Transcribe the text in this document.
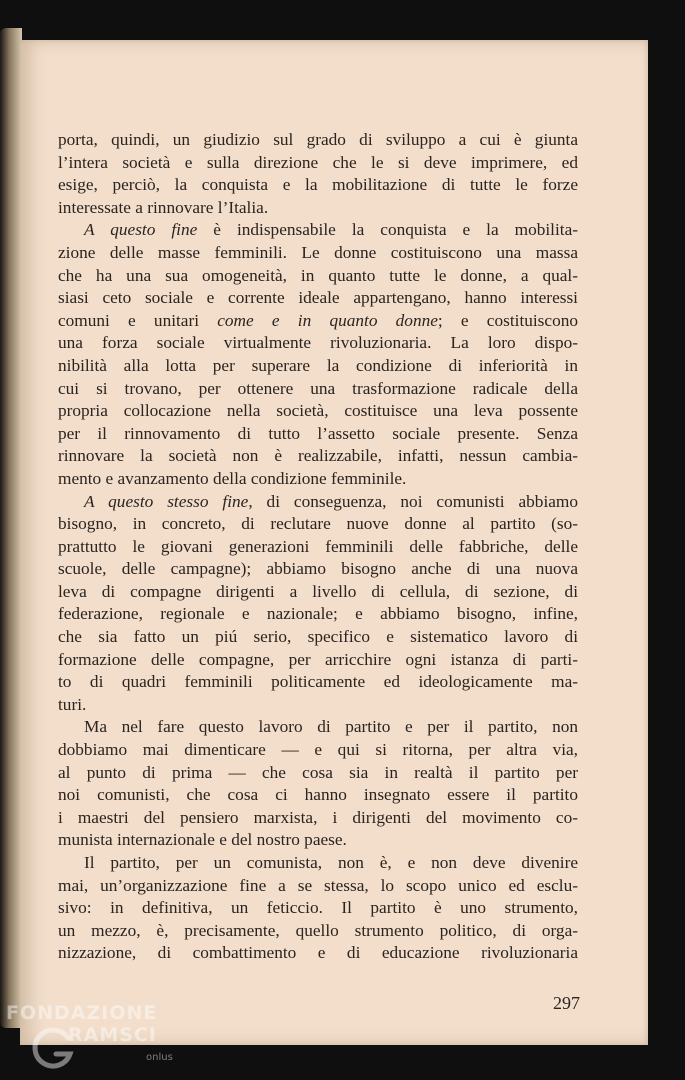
porta, quindi, un giudizio sul grado di sviluppo a cui è giunta
l’intera società e sulla direzione che le si deve imprimere, ed
esige, perciò, la conquista e la mobilitazione di tutte le forze
interessate a rinnovare l’Italia.

A questo fine è indispensabile la conquista e la mobilita-
zione delle masse femminili. Le donne costituiscono una massa
che ha una sua omogeneità, in quanto tutte le donne, a qual-
siasi ceto sociale e corrente ideale appartengano, hanno interessi
comuni e unitari come e in quanto donne; e costituiscono
una forza sociale virtualmente rivoluzionaria. La loro dispo-
nibilità alla lotta per superare la condizione di inferiorità in
cui si trovano, per ottenere una trasformazione radicale della
propria collocazione nella società, costituisce una leva possente
per il rinnovamento di tutto l’assetto sociale presente. Senza
rinnovare la società non è realizzabile, infatti, nessun cambia-
mento e avanzamento della condizione femminile.

A questo stesso fine, di conseguenza, noi comunisti abbiamo
bisogno, in concreto, di reclutare nuove donne al partito (so-
prattutto le giovani generazioni femminili delle fabbriche, delle
scuole, delle campagne); abbiamo bisogno anche di una nuova
leva di compagne dirigenti a livello di cellula, di sezione, di
federazione, regionale e nazionale; e abbiamo bisogno, infine,
che sia fatto un piú serio, specifico e sistematico lavoro di
formazione delle compagne, per arricchire ogni istanza di parti-
to di quadri femminili politicamente ed ideologicamente ma-
turi.

Ma nel fare questo lavoro di partito e per il partito, non
dobbiamo mai dimenticare — e qui si ritorna, per altra via,
al punto di prima — che cosa sia in realtà il partito per
noi comunisti, che cosa ci hanno insegnato essere il partito
i maestri del pensiero marxista, i dirigenti del movimento co-
munista internazionale e del nostro paese.

Il partito, per un comunista, non è, e non deve divenire
mai, un’organizzazione fine a se stessa, lo scopo unico ed esclu-
sivo: in definitiva, un feticcio. Il partito è uno strumento,
un mezzo, è, precisamente, quello strumento politico, di orga-
nizzazione, di combattimento e di educazione rivoluzionaria

297
FONDAZIONE
RAMSCI
onlus
